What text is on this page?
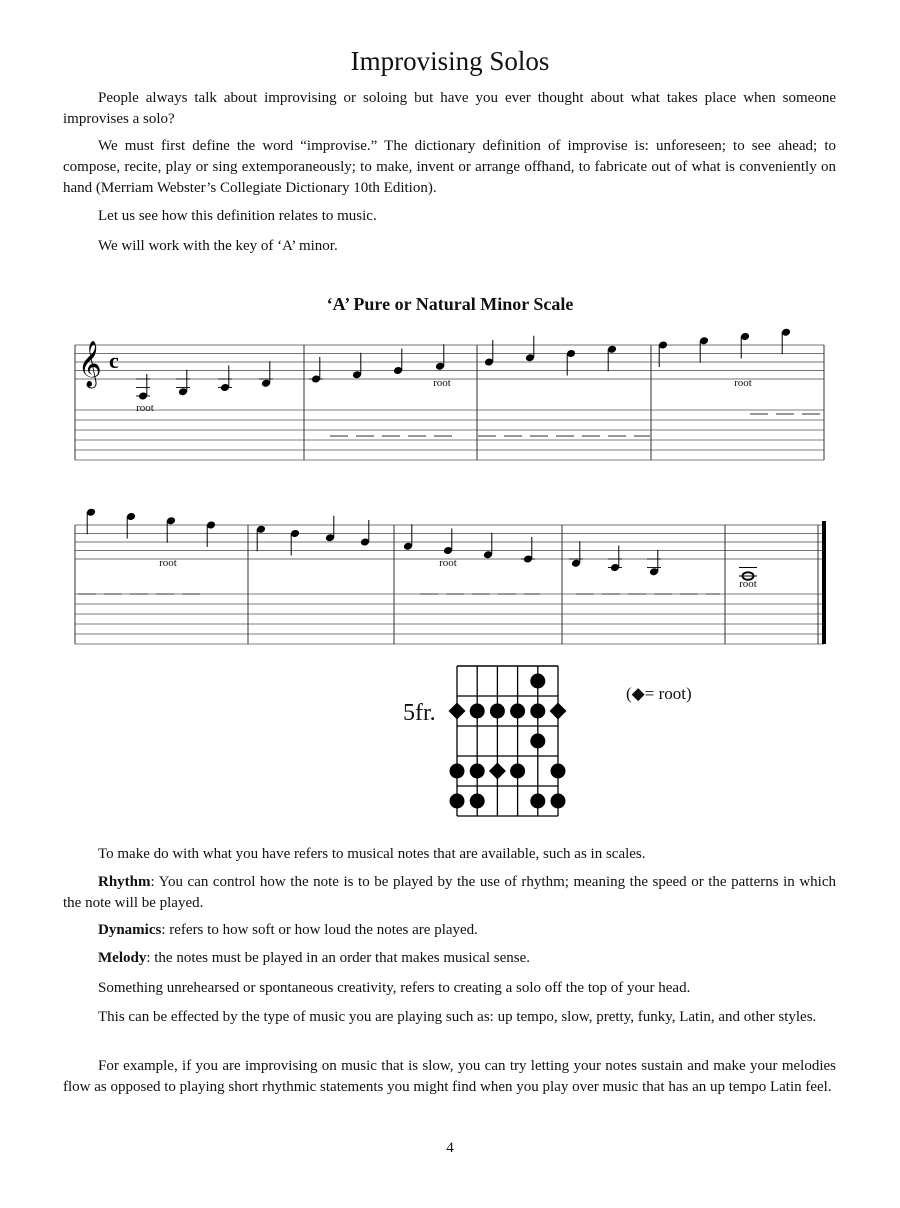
Improvising Solos

People always talk about improvising or soloing but have you ever thought about what takes place when someone improvises a solo?

We must first define the word “improvise.” The dictionary definition of improvise is: unforeseen; to see ahead; to compose, recite, play or sing extemporaneously; to make, invent or arrange offhand, to fabricate out of what is conveniently on hand (Merriam Webster’s Collegiate Dictionary 10th Edition).

Let us see how this definition relates to music.

We will work with the key of ‘A’ minor.

‘A’ Pure or Natural Minor Scale
𝄞 c
root
root	root
root	root
root
5fr.
(◆= root)

To make do with what you have refers to musical notes that are available, such as in scales.

Rhythm: You can control how the note is to be played by the use of rhythm; meaning the speed or the patterns in which the note will be played.

Dynamics: refers to how soft or how loud the notes are played.

Melody: the notes must be played in an order that makes musical sense.

Something unrehearsed or spontaneous creativity, refers to creating a solo off the top of your head.

This can be effected by the type of music you are playing such as: up tempo, slow, pretty, funky, Latin, and other styles.

For example, if you are improvising on music that is slow, you can try letting your notes sustain and make your melodies flow as opposed to playing short rhythmic statements you might find when you play over music that has an up tempo Latin feel.

4
